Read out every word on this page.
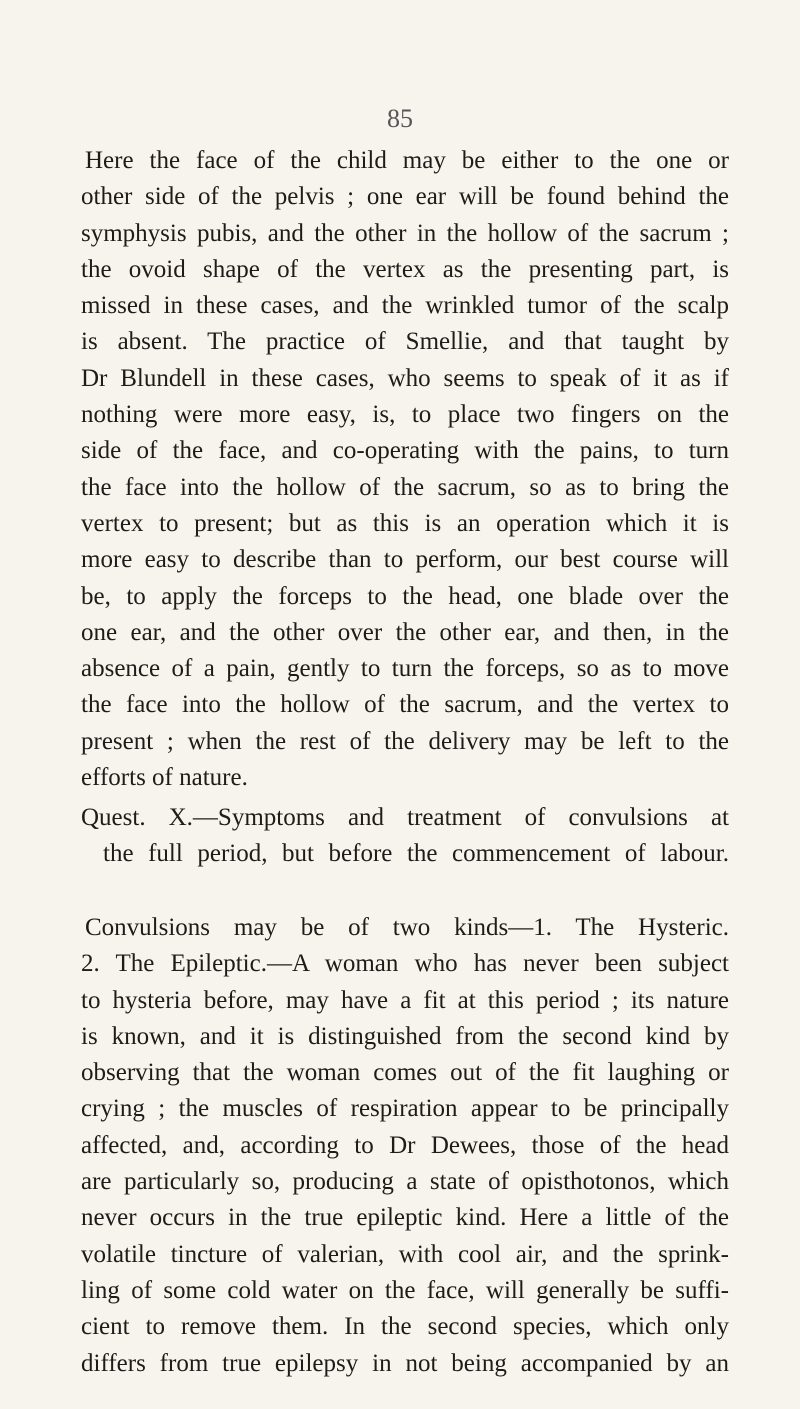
85
Here the face of the child may be either to the one or
other side of the pelvis ; one ear will be found behind the
symphysis pubis, and the other in the hollow of the sacrum ;
the ovoid shape of the vertex as the presenting part, is
missed in these cases, and the wrinkled tumor of the scalp
is absent. The practice of Smellie, and that taught by
Dr Blundell in these cases, who seems to speak of it as if
nothing were more easy, is, to place two fingers on the
side of the face, and co-operating with the pains, to turn
the face into the hollow of the sacrum, so as to bring the
vertex to present; but as this is an operation which it is
more easy to describe than to perform, our best course will
be, to apply the forceps to the head, one blade over the
one ear, and the other over the other ear, and then, in the
absence of a pain, gently to turn the forceps, so as to move
the face into the hollow of the sacrum, and the vertex to
present ; when the rest of the delivery may be left to the
efforts of nature.
Quest. X.—Symptoms and treatment of convulsions at
the full period, but before the commencement of labour.
Convulsions may be of two kinds—1. The Hysteric.
2. The Epileptic.—A woman who has never been subject
to hysteria before, may have a fit at this period ; its nature
is known, and it is distinguished from the second kind by
observing that the woman comes out of the fit laughing or
crying ; the muscles of respiration appear to be principally
affected, and, according to Dr Dewees, those of the head
are particularly so, producing a state of opisthotonos, which
never occurs in the true epileptic kind. Here a little of the
volatile tincture of valerian, with cool air, and the sprink-
ling of some cold water on the face, will generally be suffi-
cient to remove them. In the second species, which only
differs from true epilepsy in not being accompanied by an
